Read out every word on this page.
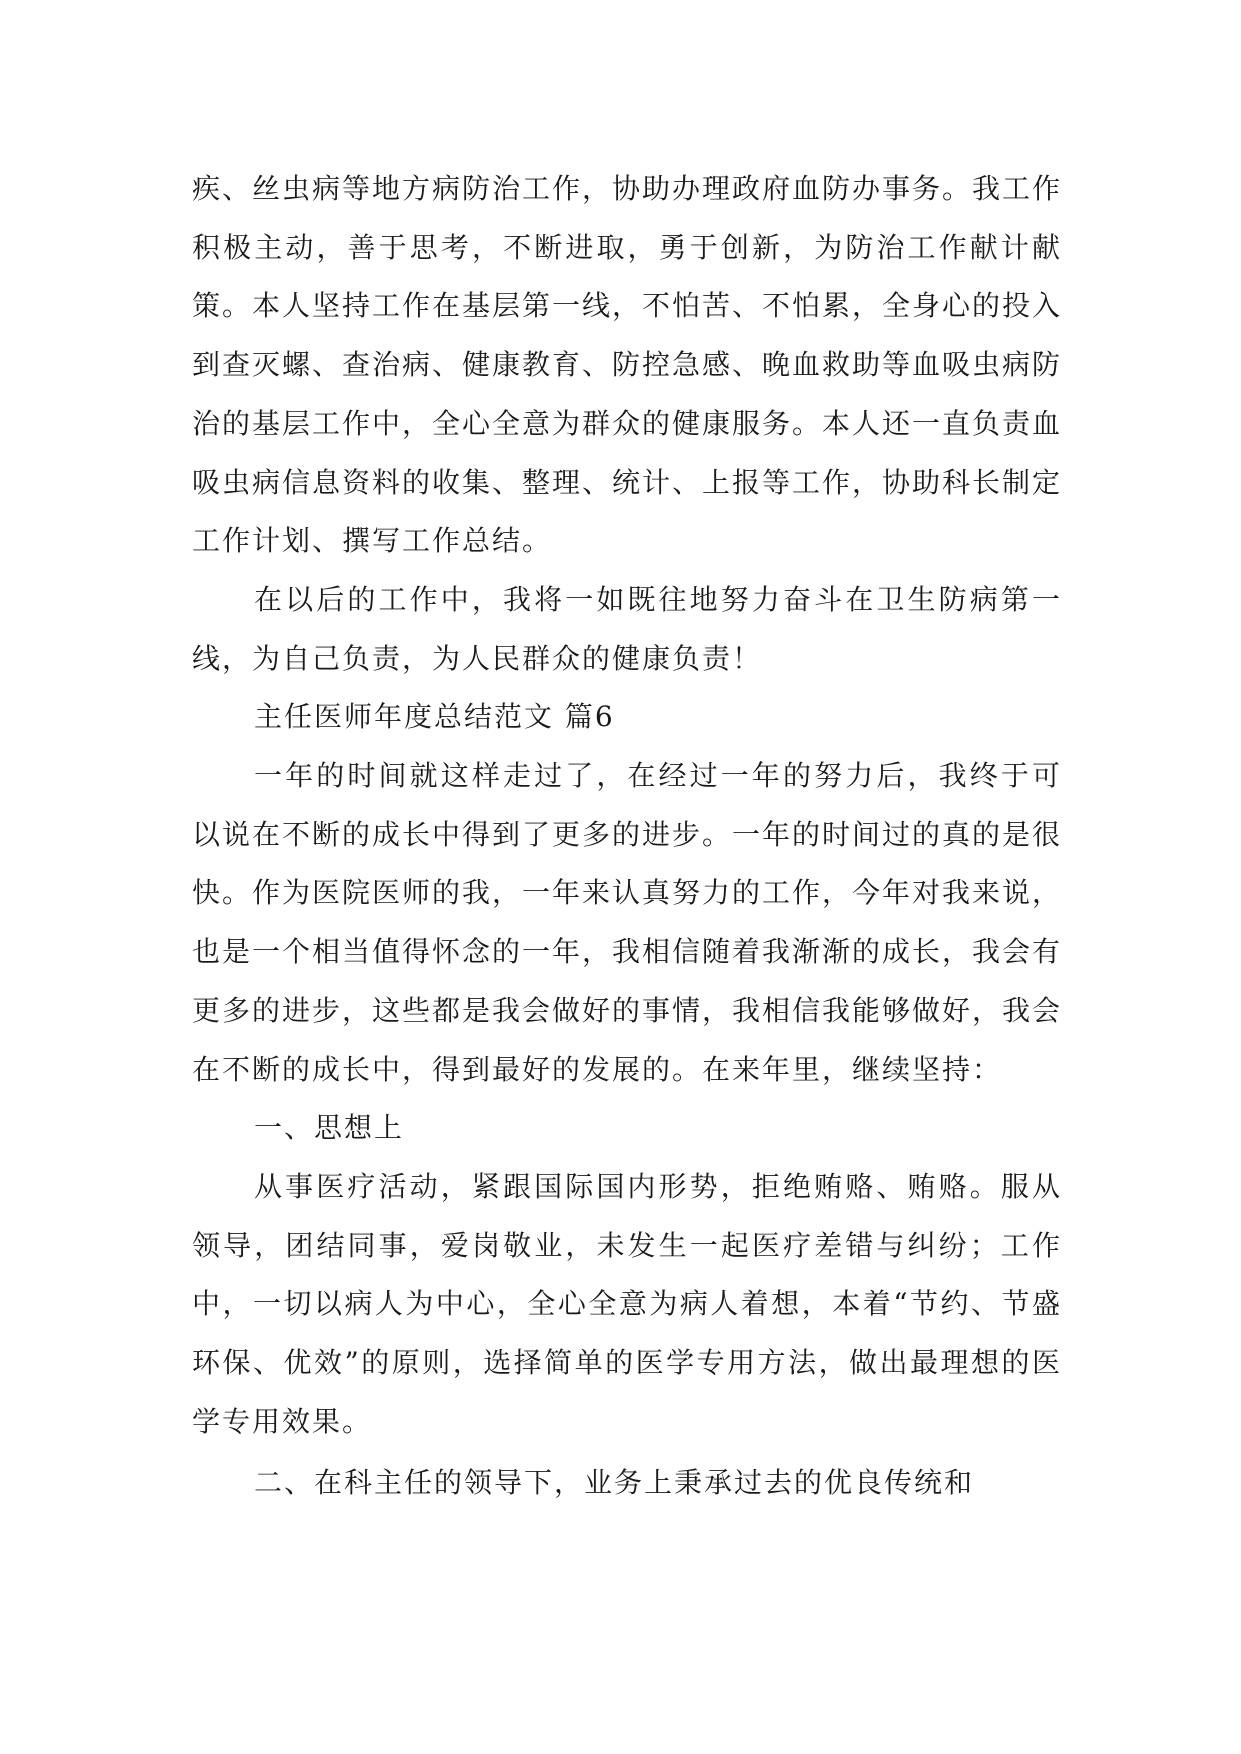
疾、丝虫病等地方病防治工作，协助办理政府血防办事务。我工作积极主动，善于思考，不断进取，勇于创新，为防治工作献计献策。本人坚持工作在基层第一线，不怕苦、不怕累，全身心的投入到查灭螺、查治病、健康教育、防控急感、晚血救助等血吸虫病防治的基层工作中，全心全意为群众的健康服务。本人还一直负责血吸虫病信息资料的收集、整理、统计、上报等工作，协助科长制定工作计划、撰写工作总结。

在以后的工作中，我将一如既往地努力奋斗在卫生防病第一线，为自己负责，为人民群众的健康负责！

主任医师年度总结范文 篇6

一年的时间就这样走过了，在经过一年的努力后，我终于可以说在不断的成长中得到了更多的进步。一年的时间过的真的是很快。作为医院医师的我，一年来认真努力的工作，今年对我来说，也是一个相当值得怀念的一年，我相信随着我渐渐的成长，我会有更多的进步，这些都是我会做好的事情，我相信我能够做好，我会在不断的成长中，得到最好的发展的。在来年里，继续坚持：

一、思想上

从事医疗活动，紧跟国际国内形势，拒绝贿赂、贿赂。服从领导，团结同事，爱岗敬业，未发生一起医疗差错与纠纷；工作中，一切以病人为中心，全心全意为病人着想，本着“节约、节盛环保、优效”的原则，选择简单的医学专用方法，做出最理想的医学专用效果。

二、在科主任的领导下，业务上秉承过去的优良传统和
